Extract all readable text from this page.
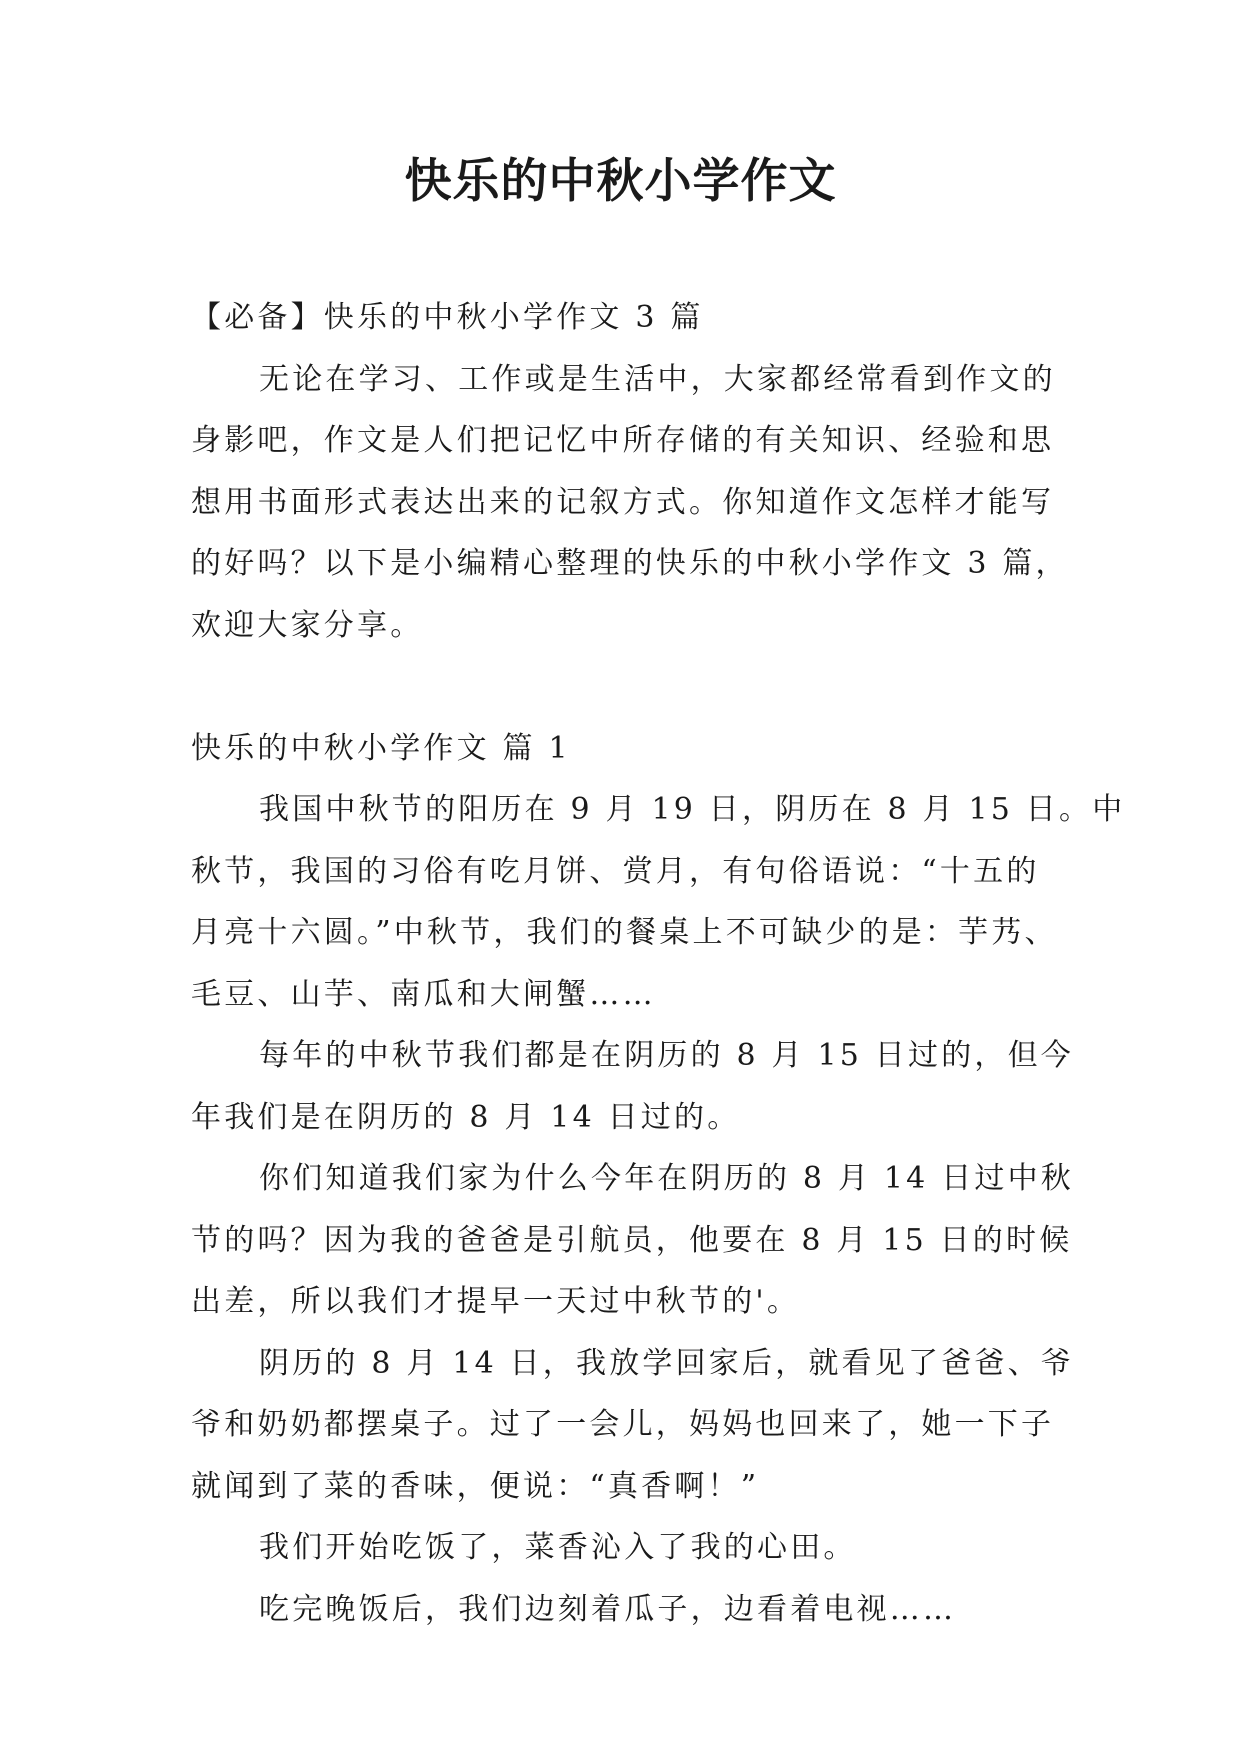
快乐的中秋小学作文
【必备】快乐的中秋小学作文 3 篇
无论在学习、工作或是生活中，大家都经常看到作文的
身影吧，作文是人们把记忆中所存储的有关知识、经验和思
想用书面形式表达出来的记叙方式。你知道作文怎样才能写
的好吗？以下是小编精心整理的快乐的中秋小学作文 3 篇，
欢迎大家分享。
快乐的中秋小学作文 篇 1
我国中秋节的阳历在 9 月 19 日，阴历在 8 月 15 日。中
秋节，我国的习俗有吃月饼、赏月，有句俗语说：“十五的
月亮十六圆。”中秋节，我们的餐桌上不可缺少的是：芋艿、
毛豆、山芋、南瓜和大闸蟹……
每年的中秋节我们都是在阴历的 8 月 15 日过的，但今
年我们是在阴历的 8 月 14 日过的。
你们知道我们家为什么今年在阴历的 8 月 14 日过中秋
节的吗？因为我的爸爸是引航员，他要在 8 月 15 日的时候
出差，所以我们才提早一天过中秋节的'。
阴历的 8 月 14 日，我放学回家后，就看见了爸爸、爷
爷和奶奶都摆桌子。过了一会儿，妈妈也回来了，她一下子
就闻到了菜的香味，便说：“真香啊！”
我们开始吃饭了，菜香沁入了我的心田。
吃完晚饭后，我们边刻着瓜子，边看着电视……
